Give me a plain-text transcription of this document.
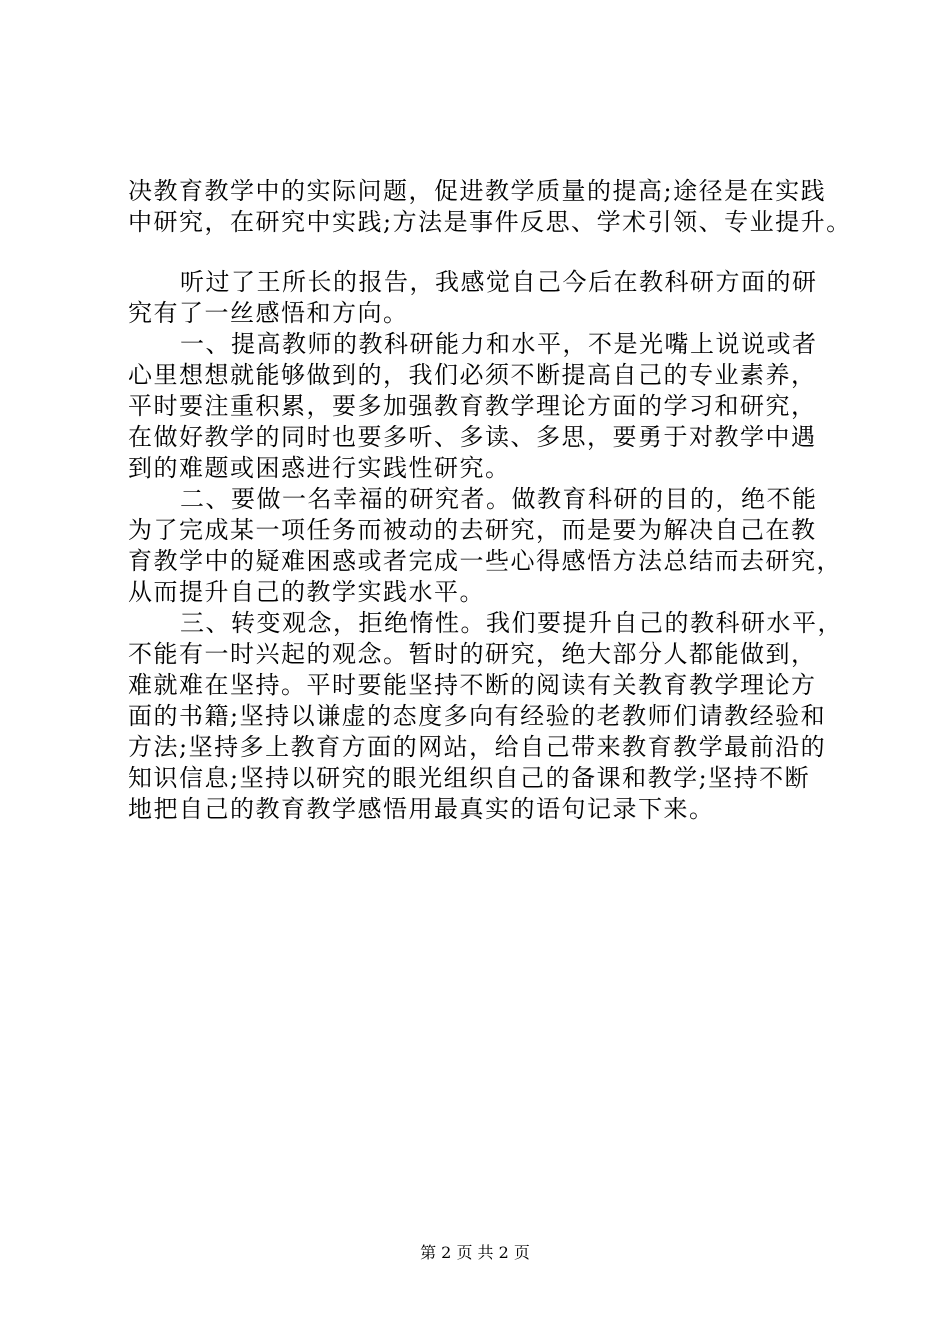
决教育教学中的实际问题，促进教学质量的提高;途径是在实践
中研究，在研究中实践;方法是事件反思、学术引领、专业提升。
听过了王所长的报告，我感觉自己今后在教科研方面的研
究有了一丝感悟和方向。
一、提高教师的教科研能力和水平，不是光嘴上说说或者
心里想想就能够做到的，我们必须不断提高自己的专业素养，
平时要注重积累，要多加强教育教学理论方面的学习和研究，
在做好教学的同时也要多听、多读、多思，要勇于对教学中遇
到的难题或困惑进行实践性研究。
二、要做一名幸福的研究者。做教育科研的目的，绝不能
为了完成某一项任务而被动的去研究，而是要为解决自己在教
育教学中的疑难困惑或者完成一些心得感悟方法总结而去研究，
从而提升自己的教学实践水平。
三、转变观念，拒绝惰性。我们要提升自己的教科研水平，
不能有一时兴起的观念。暂时的研究，绝大部分人都能做到，
难就难在坚持。平时要能坚持不断的阅读有关教育教学理论方
面的书籍;坚持以谦虚的态度多向有经验的老教师们请教经验和
方法;坚持多上教育方面的网站，给自己带来教育教学最前沿的
知识信息;坚持以研究的眼光组织自己的备课和教学;坚持不断
地把自己的教育教学感悟用最真实的语句记录下来。
第 2 页 共 2 页
